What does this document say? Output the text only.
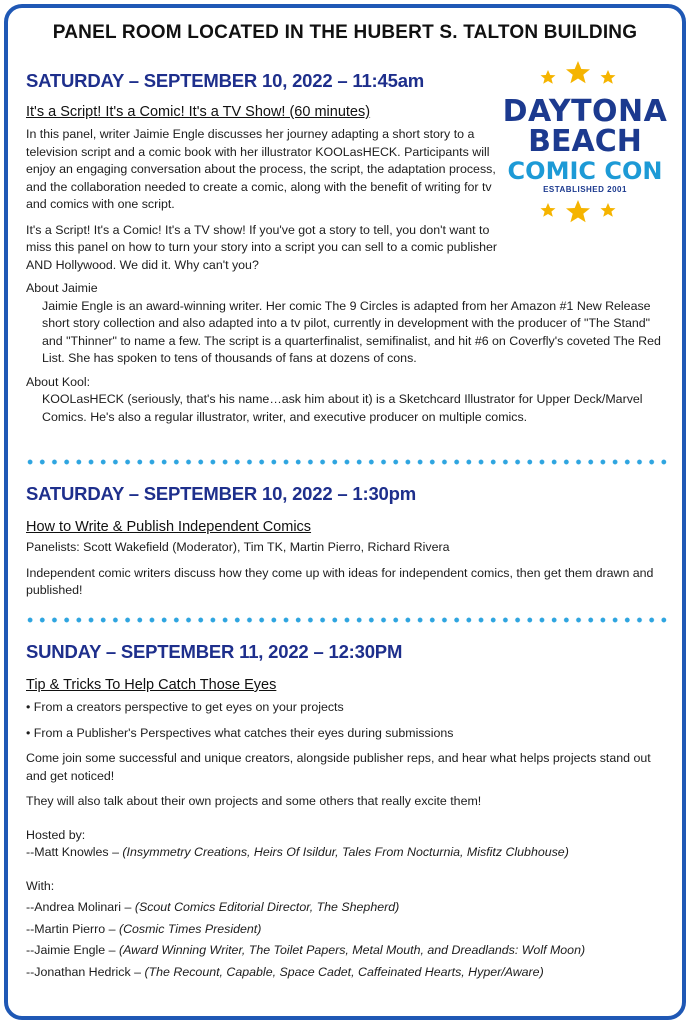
PANEL ROOM LOCATED IN THE HUBERT S. TALTON BUILDING
DAYTONA
BEACH
COMIC CON
ESTABLISHED 2001
SATURDAY – SEPTEMBER 10, 2022 – 11:45am
It's a Script! It's a Comic! It's a TV Show! (60 minutes)

In this panel, writer Jaimie Engle discusses her journey adapting a short story to a television script and a comic book with her illustrator KOOLasHECK. Participants will enjoy an engaging conversation about the process, the script, the adaptation process, and the collaboration needed to create a comic, along with the benefit of writing for tv and comics with one script.

It's a Script! It's a Comic! It's a TV show! If you've got a story to tell, you don't want to miss this panel on how to turn your story into a script you can sell to a comic publisher AND Hollywood. We did it. Why can't you?

About Jaimie

Jaimie Engle is an award-winning writer. Her comic The 9 Circles is adapted from her Amazon #1 New Release short story collection and also adapted into a tv pilot, currently in development with the producer of "The Stand" and "Thinner" to name a few. The script is a quarterfinalist, semifinalist, and hit #6 on Coverfly's coveted The Red List. She has spoken to tens of thousands of fans at dozens of cons.

About Kool:

KOOLasHECK (seriously, that's his name…ask him about it) is a Sketchcard Illustrator for Upper Deck/Marvel Comics. He's also a regular illustrator, writer, and executive producer on multiple comics.

SATURDAY – SEPTEMBER 10, 2022 – 1:30pm
How to Write & Publish Independent Comics

Panelists: Scott Wakefield (Moderator), Tim TK, Martin Pierro, Richard Rivera

Independent comic writers discuss how they come up with ideas for independent comics, then get them drawn and published!

SUNDAY – SEPTEMBER 11, 2022 – 12:30PM
Tip & Tricks To Help Catch Those Eyes

• From a creators perspective to get eyes on your projects

• From a Publisher's Perspectives what catches their eyes during submissions

Come join some successful and unique creators, alongside publisher reps, and hear what helps projects stand out and get noticed!

They will also talk about their own projects and some others that really excite them!

Hosted by:

--Matt Knowles – (Insymmetry Creations, Heirs Of Isildur, Tales From Nocturnia, Misfitz Clubhouse)

With:

--Andrea Molinari – (Scout Comics Editorial Director, The Shepherd)

--Martin Pierro – (Cosmic Times President)

--Jaimie Engle – (Award Winning Writer, The Toilet Papers, Metal Mouth, and Dreadlands: Wolf Moon)

--Jonathan Hedrick – (The Recount, Capable, Space Cadet, Caffeinated Hearts, Hyper/Aware)
